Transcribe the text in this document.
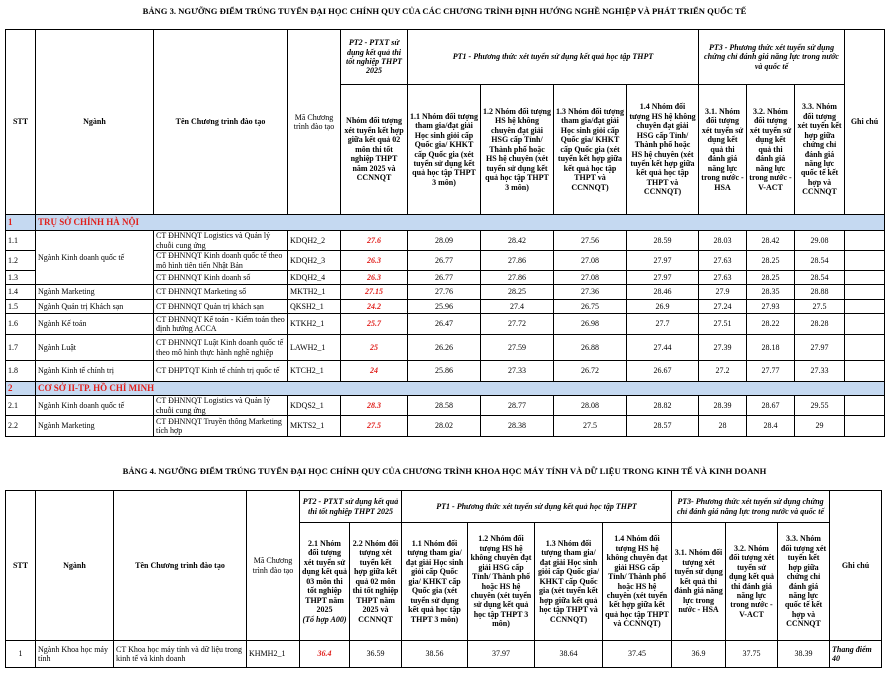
BẢNG 3. NGƯỠNG ĐIỂM TRÚNG TUYỂN ĐẠI HỌC CHÍNH QUY CỦA CÁC CHƯƠNG TRÌNH ĐỊNH HƯỚNG NGHỀ NGHIỆP VÀ PHÁT TRIỂN QUỐC TẾ
STT	Ngành	Tên Chương trình đào tạo	Mã Chương trình đào tạo	PT2 - PTXT sử dụng kết quả thi tốt nghiệp THPT 2025	PT1 - Phương thức xét tuyển sử dụng kết quả học tập THPT				PT3 - Phương thức xét tuyển sử dụng chứng chỉ đánh giá năng lực trong nước và quốc tế			Ghi chú
				Nhóm đối tượng xét tuyển kết hợp giữa kết quả 02 môn thi tốt nghiệp THPT năm 2025 và CCNNQT	1.1 Nhóm đối tượng tham gia/đạt giải Học sinh giỏi cấp Quốc gia/ KHKT cấp Quốc gia (xét tuyển sử dụng kết quả học tập THPT 3 môn)	1.2 Nhóm đối tượng HS hệ không chuyên đạt giải HSG cấp Tỉnh/ Thành phố hoặc HS hệ chuyên (xét tuyển sử dụng kết quả học tập THPT 3 môn)	1.3 Nhóm đối tượng tham gia/đạt giải Học sinh giỏi cấp Quốc gia/ KHKT cấp Quốc gia (xét tuyển kết hợp giữa kết quả học tập THPT và CCNNQT)	1.4 Nhóm đối tượng HS hệ không chuyên đạt giải HSG cấp Tỉnh/ Thành phố hoặc HS hệ chuyên (xét tuyển kết hợp giữa kết quả học tập THPT và CCNNQT)	3.1. Nhóm đối tượng xét tuyển sử dụng kết quả thi đánh giá năng lực trong nước - HSA	3.2. Nhóm đối tượng xét tuyển sử dụng kết quả thi đánh giá năng lực trong nước - V-ACT	3.3. Nhóm đối tượng xét tuyển kết hợp giữa chứng chỉ đánh giá năng lực quốc tế kết hợp và CCNNQT	
1	TRỤ SỞ CHÍNH HÀ NỘI											
1.1	Ngành Kinh doanh quốc tế	CT ĐHNNQT Logistics và Quản lý chuỗi cung ứng	KDQH2_2	27.6	28.09	28.42	27.56	28.59	28.03	28.42	29.08	
1.2		CT ĐHNNQT Kinh doanh quốc tế theo mô hình tiên tiến Nhật Bản	KDQH2_3	26.3	26.77	27.86	27.08	27.97	27.63	28.25	28.54	
1.3		CT ĐHNNQT Kinh doanh số	KDQH2_4	26.3	26.77	27.86	27.08	27.97	27.63	28.25	28.54	
1.4	Ngành Marketing	CT ĐHNNQT Marketing số	MKTH2_1	27.15	27.76	28.25	27.36	28.46	27.9	28.35	28.88	
1.5	Ngành Quản trị Khách sạn	CT ĐHNNQT Quản trị khách sạn	QKSH2_1	24.2	25.96	27.4	26.75	26.9	27.24	27.93	27.5	
1.6	Ngành Kế toán	CT ĐHNNQT Kế toán - Kiểm toán theo định hướng ACCA	KTKH2_1	25.7	26.47	27.72	26.98	27.7	27.51	28.22	28.28	
1.7	Ngành Luật	CT ĐHNNQT Luật Kinh doanh quốc tế theo mô hình thực hành nghề nghiệp	LAWH2_1	25	26.26	27.59	26.88	27.44	27.39	28.18	27.97	
1.8	Ngành Kinh tế chính trị	CT ĐHPTQT Kinh tế chính trị quốc tế	KTCH2_1	24	25.86	27.33	26.72	26.67	27.2	27.77	27.33	
2	CƠ SỞ II-TP. HỒ CHÍ MINH											
2.1	Ngành Kinh doanh quốc tế	CT ĐHNNQT Logistics và Quản lý chuỗi cung ứng	KDQS2_1	28.3	28.58	28.77	28.08	28.82	28.39	28.67	29.55	
2.2	Ngành Marketing	CT ĐHNNQT Truyền thông Marketing tích hợp	MKTS2_1	27.5	28.02	28.38	27.5	28.57	28	28.4	29	
BẢNG 4. NGƯỠNG ĐIỂM TRÚNG TUYỂN ĐẠI HỌC CHÍNH QUY CỦA CHƯƠNG TRÌNH KHOA HỌC MÁY TÍNH VÀ DỮ LIỆU TRONG KINH TẾ VÀ KINH DOANH
STT	Ngành	Tên Chương trình đào tạo	Mã Chương trình đào tạo	PT2 - PTXT sử dụng kết quả thi tốt nghiệp THPT 2025		PT1 - Phương thức xét tuyển sử dụng kết quả học tập THPT				PT3- Phương thức xét tuyển sử dụng chứng chỉ đánh giá năng lực trong nước và quốc tế			Ghi chú
				2.1 Nhóm đối tượng xét tuyển sử dụng kết quả 03 môn thi tốt nghiệp THPT năm 2025
(Tổ hợp A00)	2.2 Nhóm đối tượng xét tuyển kết hợp giữa kết quả 02 môn thi tốt nghiệp THPT năm 2025 và CCNNQT	1.1 Nhóm đối tượng tham gia/đạt giải Học sinh giỏi cấp Quốc gia/ KHKT cấp Quốc gia (xét tuyển sử dụng kết quả học tập THPT 3 môn)	1.2 Nhóm đối tượng HS hệ không chuyên đạt giải HSG cấp Tỉnh/ Thành phố hoặc HS hệ chuyên (xét tuyển sử dụng kết quả học tập THPT 3 môn)	1.3 Nhóm đối tượng tham gia/đạt giải Học sinh giỏi cấp Quốc gia/ KHKT cấp Quốc gia (xét tuyển kết hợp giữa kết quả học tập THPT và CCNNQT)	1.4 Nhóm đối tượng HS hệ không chuyên đạt giải HSG cấp Tỉnh/ Thành phố hoặc HS hệ chuyên (xét tuyển kết hợp giữa kết quả học tập THPT và CCNNQT)	3.1. Nhóm đối tượng xét tuyển sử dụng kết quả thi đánh giá năng lực trong nước - HSA	3.2. Nhóm đối tượng xét tuyển sử dụng kết quả thi đánh giá năng lực trong nước - V-ACT	3.3. Nhóm đối tượng xét tuyển kết hợp giữa chứng chỉ đánh giá năng lực quốc tế kết hợp và CCNNQT	
1	Ngành Khoa học máy tính	CT Khoa học máy tính và dữ liệu trong kinh tế và kinh doanh	KHMH2_1	36.4	36.59	38.56	37.97	38.64	37.45	36.9	37.75	38.39	Thang điểm 40
